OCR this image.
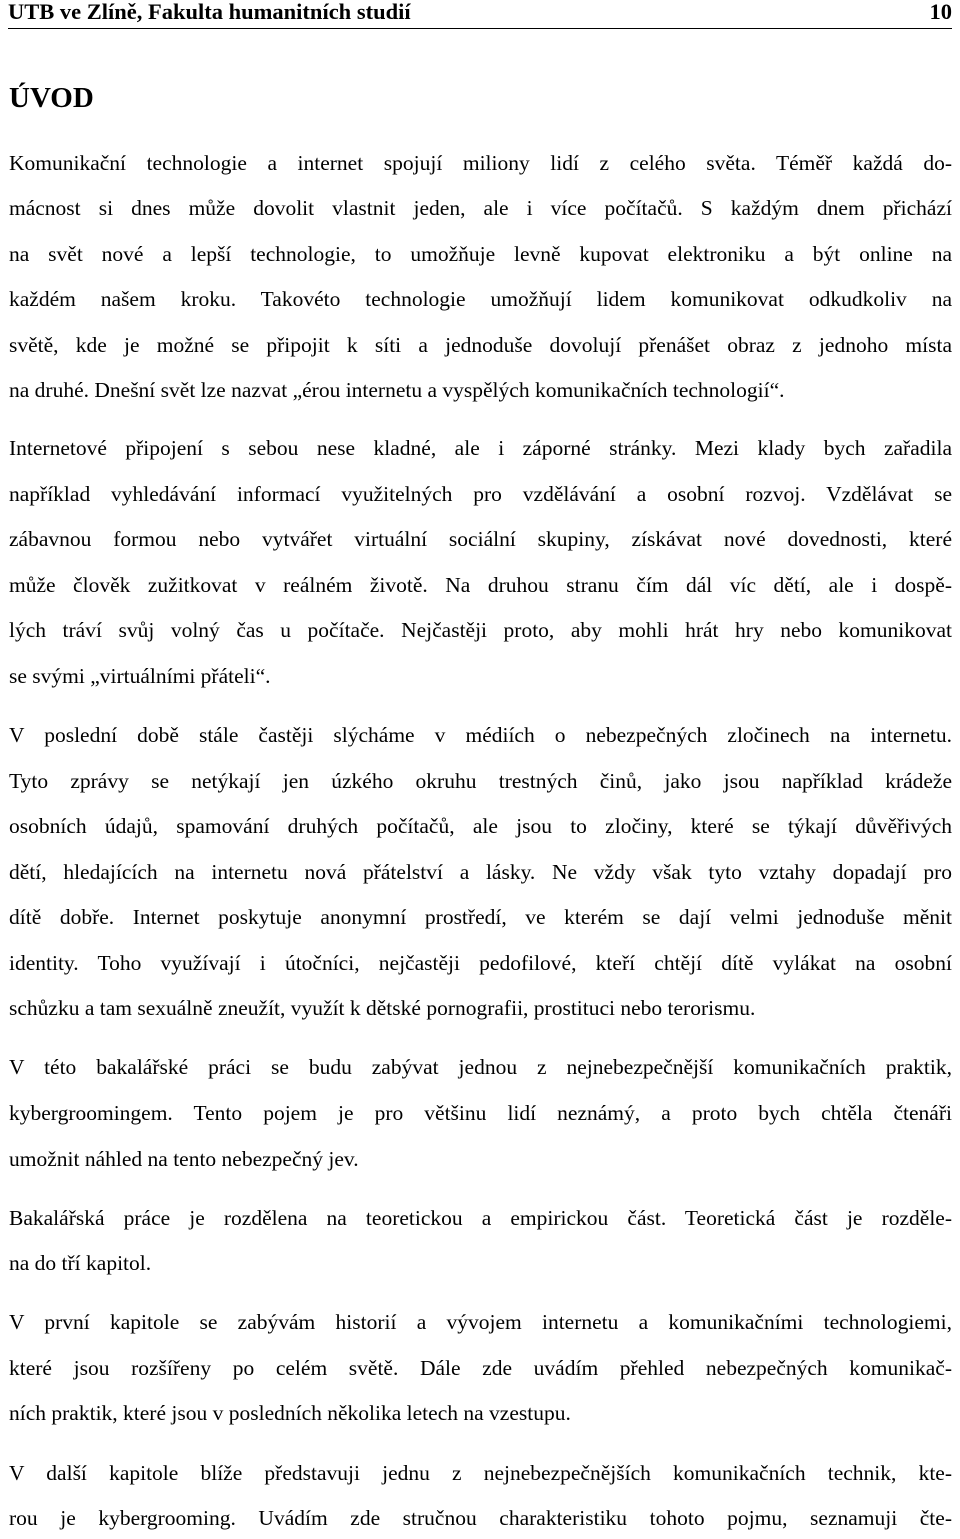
UTB ve Zlíně, Fakulta humanitních studií	10
ÚVOD
Komunikační technologie a internet spojují miliony lidí z celého světa. Téměř každá do-
mácnost si dnes může dovolit vlastnit jeden, ale i více počítačů. S každým dnem přichází
na svět nové a lepší technologie, to umožňuje levně kupovat elektroniku a být online na
každém našem kroku. Takovéto technologie umožňují lidem komunikovat odkudkoliv na
světě, kde je možné se připojit k síti a jednoduše dovolují přenášet obraz z jednoho místa
na druhé. Dnešní svět lze nazvat „érou internetu a vyspělých komunikačních technologií“.
Internetové připojení s sebou nese kladné, ale i záporné stránky. Mezi klady bych zařadila
například vyhledávání informací využitelných pro vzdělávání a osobní rozvoj. Vzdělávat se
zábavnou formou nebo vytvářet virtuální sociální skupiny, získávat nové dovednosti, které
může člověk zužitkovat v reálném životě. Na druhou stranu čím dál víc dětí, ale i dospě-
lých tráví svůj volný čas u počítače. Nejčastěji proto, aby mohli hrát hry nebo komunikovat
se svými „virtuálními přáteli“.
V poslední době stále častěji slýcháme v médiích o nebezpečných zločinech na internetu.
Tyto zprávy se netýkají jen úzkého okruhu trestných činů, jako jsou například krádeže
osobních údajů, spamování druhých počítačů, ale jsou to zločiny, které se týkají důvěřivých
dětí, hledajících na internetu nová přátelství a lásky. Ne vždy však tyto vztahy dopadají pro
dítě dobře. Internet poskytuje anonymní prostředí, ve kterém se dají velmi jednoduše měnit
identity. Toho využívají i útočníci, nejčastěji pedofilové, kteří chtějí dítě vylákat na osobní
schůzku a tam sexuálně zneužít, využít k dětské pornografii, prostituci nebo terorismu.
V této bakalářské práci se budu zabývat jednou z nejnebezpečnější komunikačních praktik,
kybergroomingem. Tento pojem je pro většinu lidí neznámý, a proto bych chtěla čtenáři
umožnit náhled na tento nebezpečný jev.
Bakalářská práce je rozdělena na teoretickou a empirickou část. Teoretická část je rozděle-
na do tří kapitol.
V první kapitole se zabývám historií a vývojem internetu a komunikačními technologiemi,
které jsou rozšířeny po celém světě. Dále zde uvádím přehled nebezpečných komunikač-
ních praktik, které jsou v posledních několika letech na vzestupu.
V další kapitole blíže představuji jednu z nejnebezpečnějších komunikačních technik, kte-
rou je kybergrooming. Uvádím zde stručnou charakteristiku tohoto pojmu, seznamuji čte-
